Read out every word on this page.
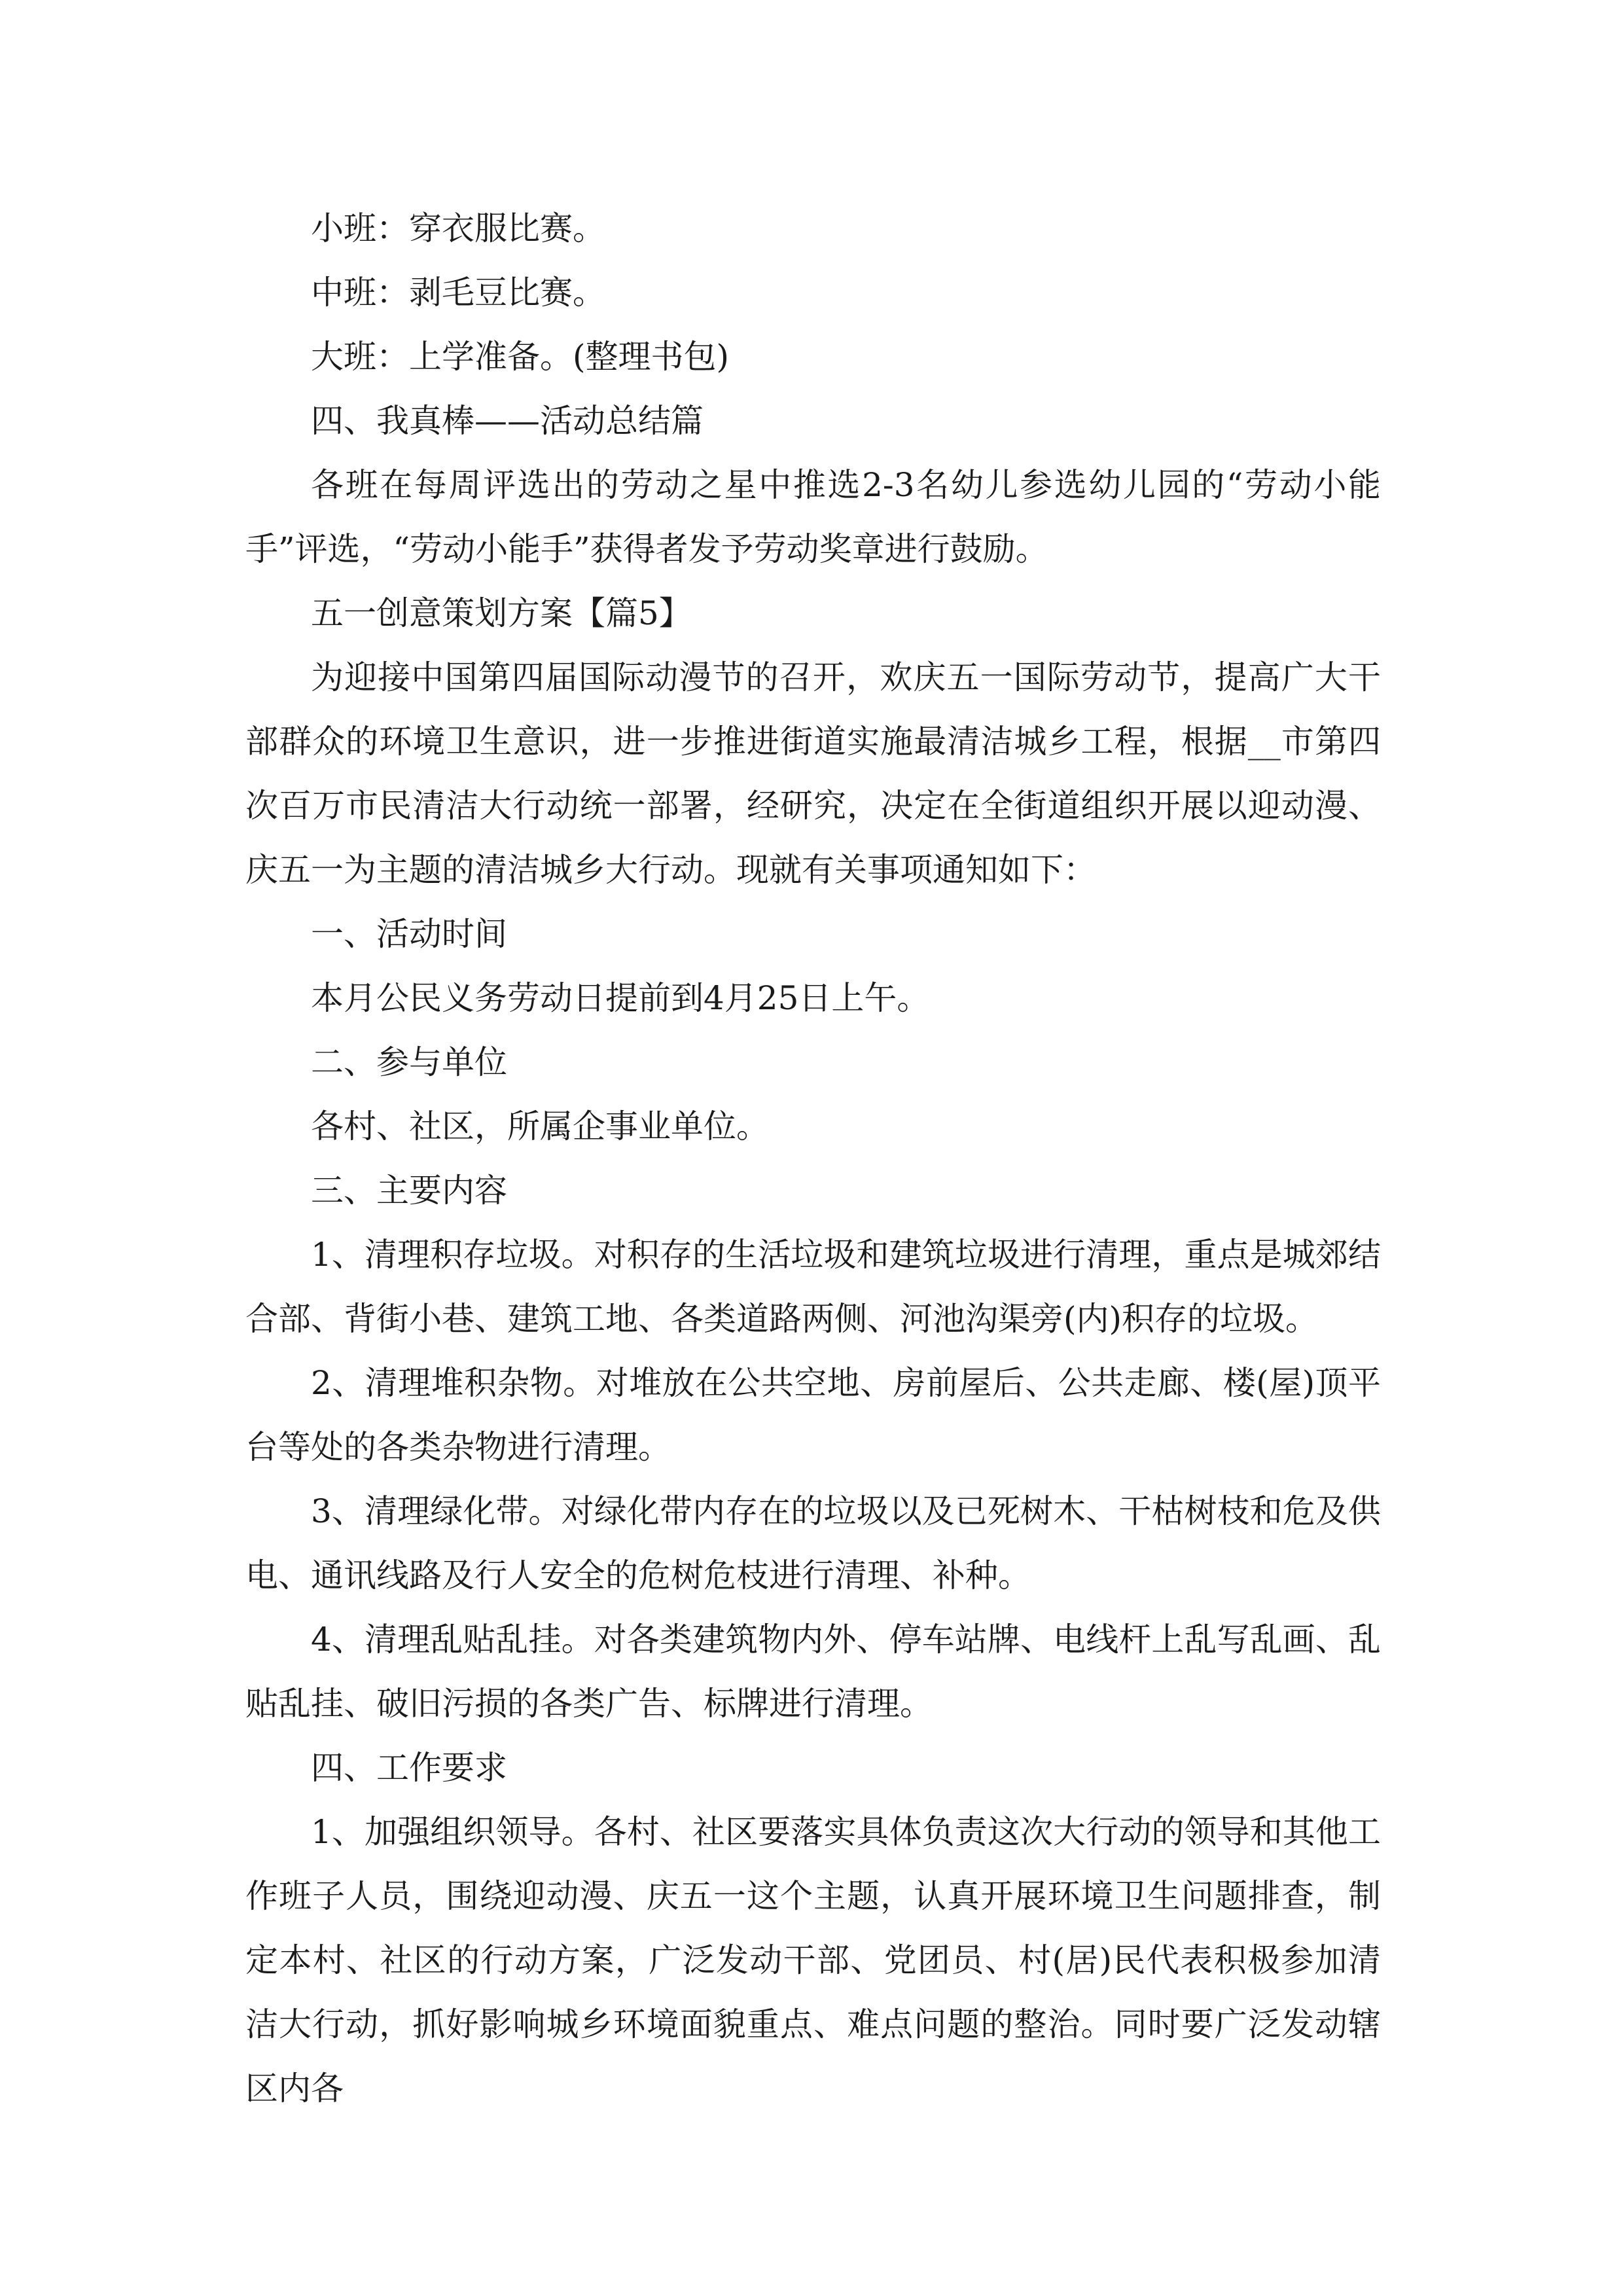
小班：穿衣服比赛。

中班：剥毛豆比赛。

大班：上学准备。(整理书包)

四、我真棒——活动总结篇

各班在每周评选出的劳动之星中推选2-3名幼儿参选幼儿园的“劳动小能手”评选，“劳动小能手”获得者发予劳动奖章进行鼓励。

五一创意策划方案【篇5】

为迎接中国第四届国际动漫节的召开，欢庆五一国际劳动节，提高广大干部群众的环境卫生意识，进一步推进街道实施最清洁城乡工程，根据__市第四次百万市民清洁大行动统一部署，经研究，决定在全街道组织开展以迎动漫、庆五一为主题的清洁城乡大行动。现就有关事项通知如下：

一、活动时间

本月公民义务劳动日提前到4月25日上午。

二、参与单位

各村、社区，所属企事业单位。

三、主要内容

1、清理积存垃圾。对积存的生活垃圾和建筑垃圾进行清理，重点是城郊结合部、背街小巷、建筑工地、各类道路两侧、河池沟渠旁(内)积存的垃圾。

2、清理堆积杂物。对堆放在公共空地、房前屋后、公共走廊、楼(屋)顶平台等处的各类杂物进行清理。

3、清理绿化带。对绿化带内存在的垃圾以及已死树木、干枯树枝和危及供电、通讯线路及行人安全的危树危枝进行清理、补种。

4、清理乱贴乱挂。对各类建筑物内外、停车站牌、电线杆上乱写乱画、乱贴乱挂、破旧污损的各类广告、标牌进行清理。

四、工作要求

1、加强组织领导。各村、社区要落实具体负责这次大行动的领导和其他工作班子人员，围绕迎动漫、庆五一这个主题，认真开展环境卫生问题排查，制定本村、社区的行动方案，广泛发动干部、党团员、村(居)民代表积极参加清洁大行动，抓好影响城乡环境面貌重点、难点问题的整治。同时要广泛发动辖区内各
